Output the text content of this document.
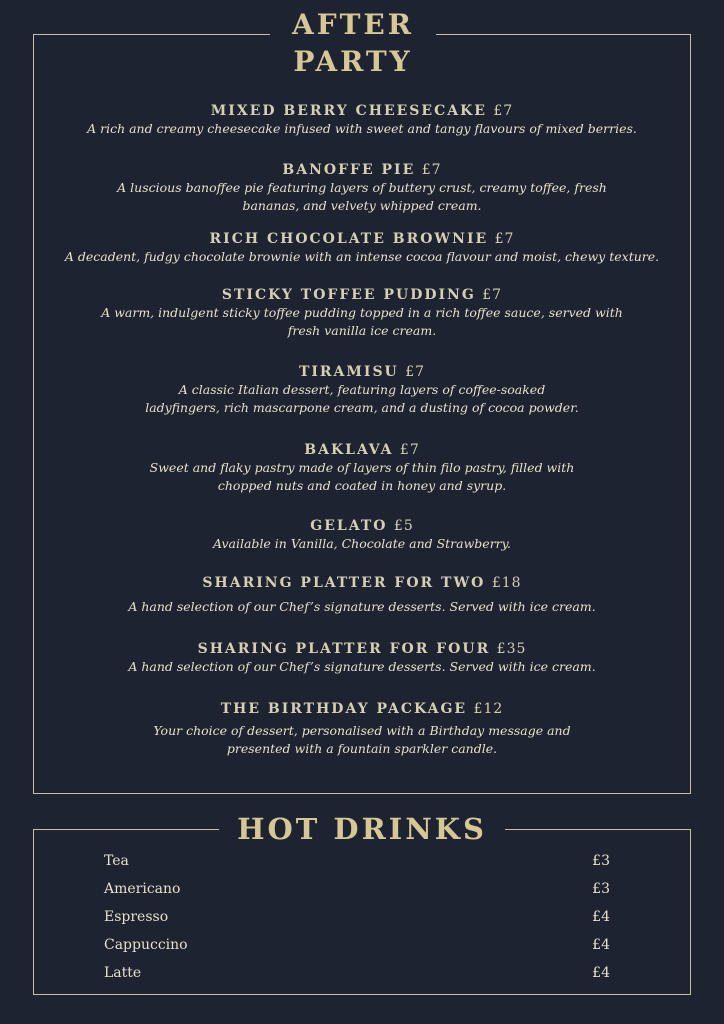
AFTER
PARTY
MIXED BERRY CHEESECAKE £7
A rich and creamy cheesecake infused with sweet and tangy flavours of mixed berries.
BANOFFE PIE £7
A luscious banoffee pie featuring layers of buttery crust, creamy toffee, fresh bananas, and velvety whipped cream.
RICH CHOCOLATE BROWNIE £7
A decadent, fudgy chocolate brownie with an intense cocoa flavour and moist, chewy texture.
STICKY TOFFEE PUDDING £7
A warm, indulgent sticky toffee pudding topped in a rich toffee sauce, served with fresh vanilla ice cream.
TIRAMISU £7
A classic Italian dessert, featuring layers of coffee-soaked ladyfingers, rich mascarpone cream, and a dusting of cocoa powder.
BAKLAVA £7
Sweet and flaky pastry made of layers of thin filo pastry, filled with chopped nuts and coated in honey and syrup.
GELATO £5
Available in Vanilla, Chocolate and Strawberry.
SHARING PLATTER FOR TWO £18
A hand selection of our Chef’s signature desserts. Served with ice cream.
SHARING PLATTER FOR FOUR £35
A hand selection of our Chef’s signature desserts. Served with ice cream.
THE BIRTHDAY PACKAGE £12
Your choice of dessert, personalised with a Birthday message and presented with a fountain sparkler candle.
HOT DRINKS
Tea	£3
Americano	£3
Espresso	£4
Cappuccino	£4
Latte	£4
